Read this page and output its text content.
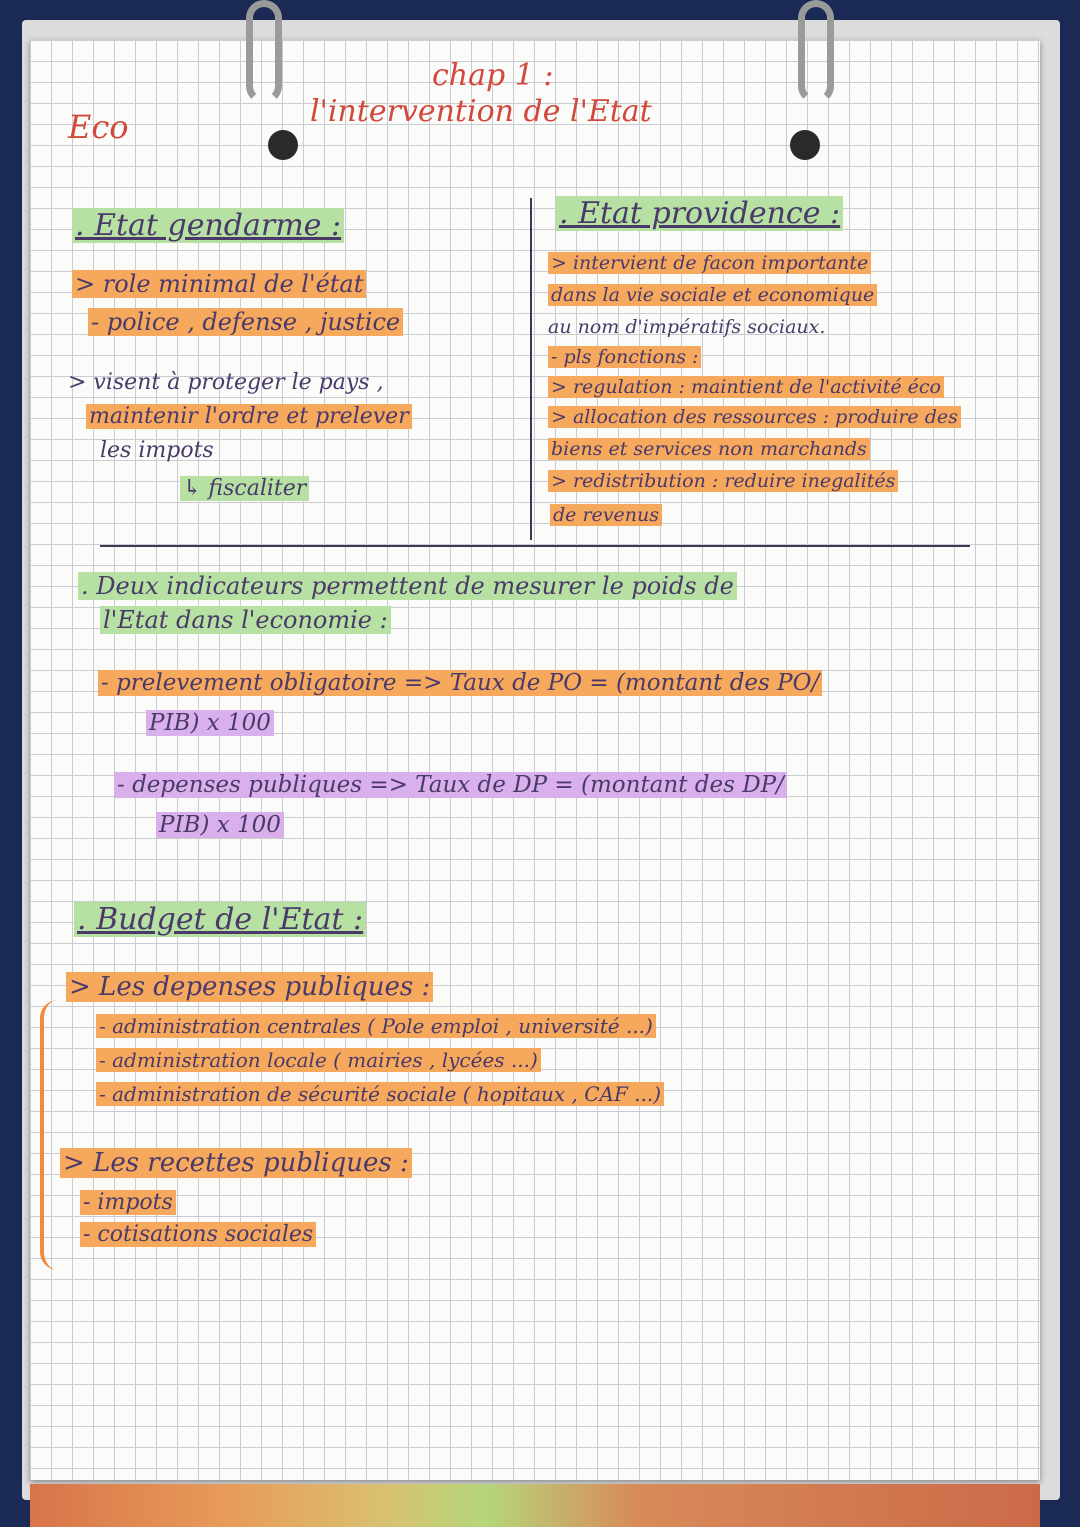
Eco
chap 1 :
l'intervention de l'Etat
. Etat gendarme :
> role minimal de l'état
- police , defense , justice
> visent à proteger le pays ,
maintenir l'ordre et prelever
les impots
↳ fiscaliter
. Etat providence :
> intervient de facon importante
dans la vie sociale et economique
au nom d'impératifs sociaux.
- pls fonctions :
> regulation : maintient de l'activité éco
> allocation des ressources : produire des
biens et services non marchands
> redistribution : reduire inegalités
de revenus
. Deux indicateurs permettent de mesurer le poids de
l'Etat dans l'economie :
- prelevement obligatoire => Taux de PO = (montant des PO/
PIB) x 100
- depenses publiques => Taux de DP = (montant des DP/
PIB) x 100
. Budget de l'Etat :
> Les depenses publiques :
- administration centrales ( Pole emploi , université ...)
- administration locale ( mairies , lycées ...)
- administration de sécurité sociale ( hopitaux , CAF ...)
> Les recettes publiques :
- impots
- cotisations sociales
